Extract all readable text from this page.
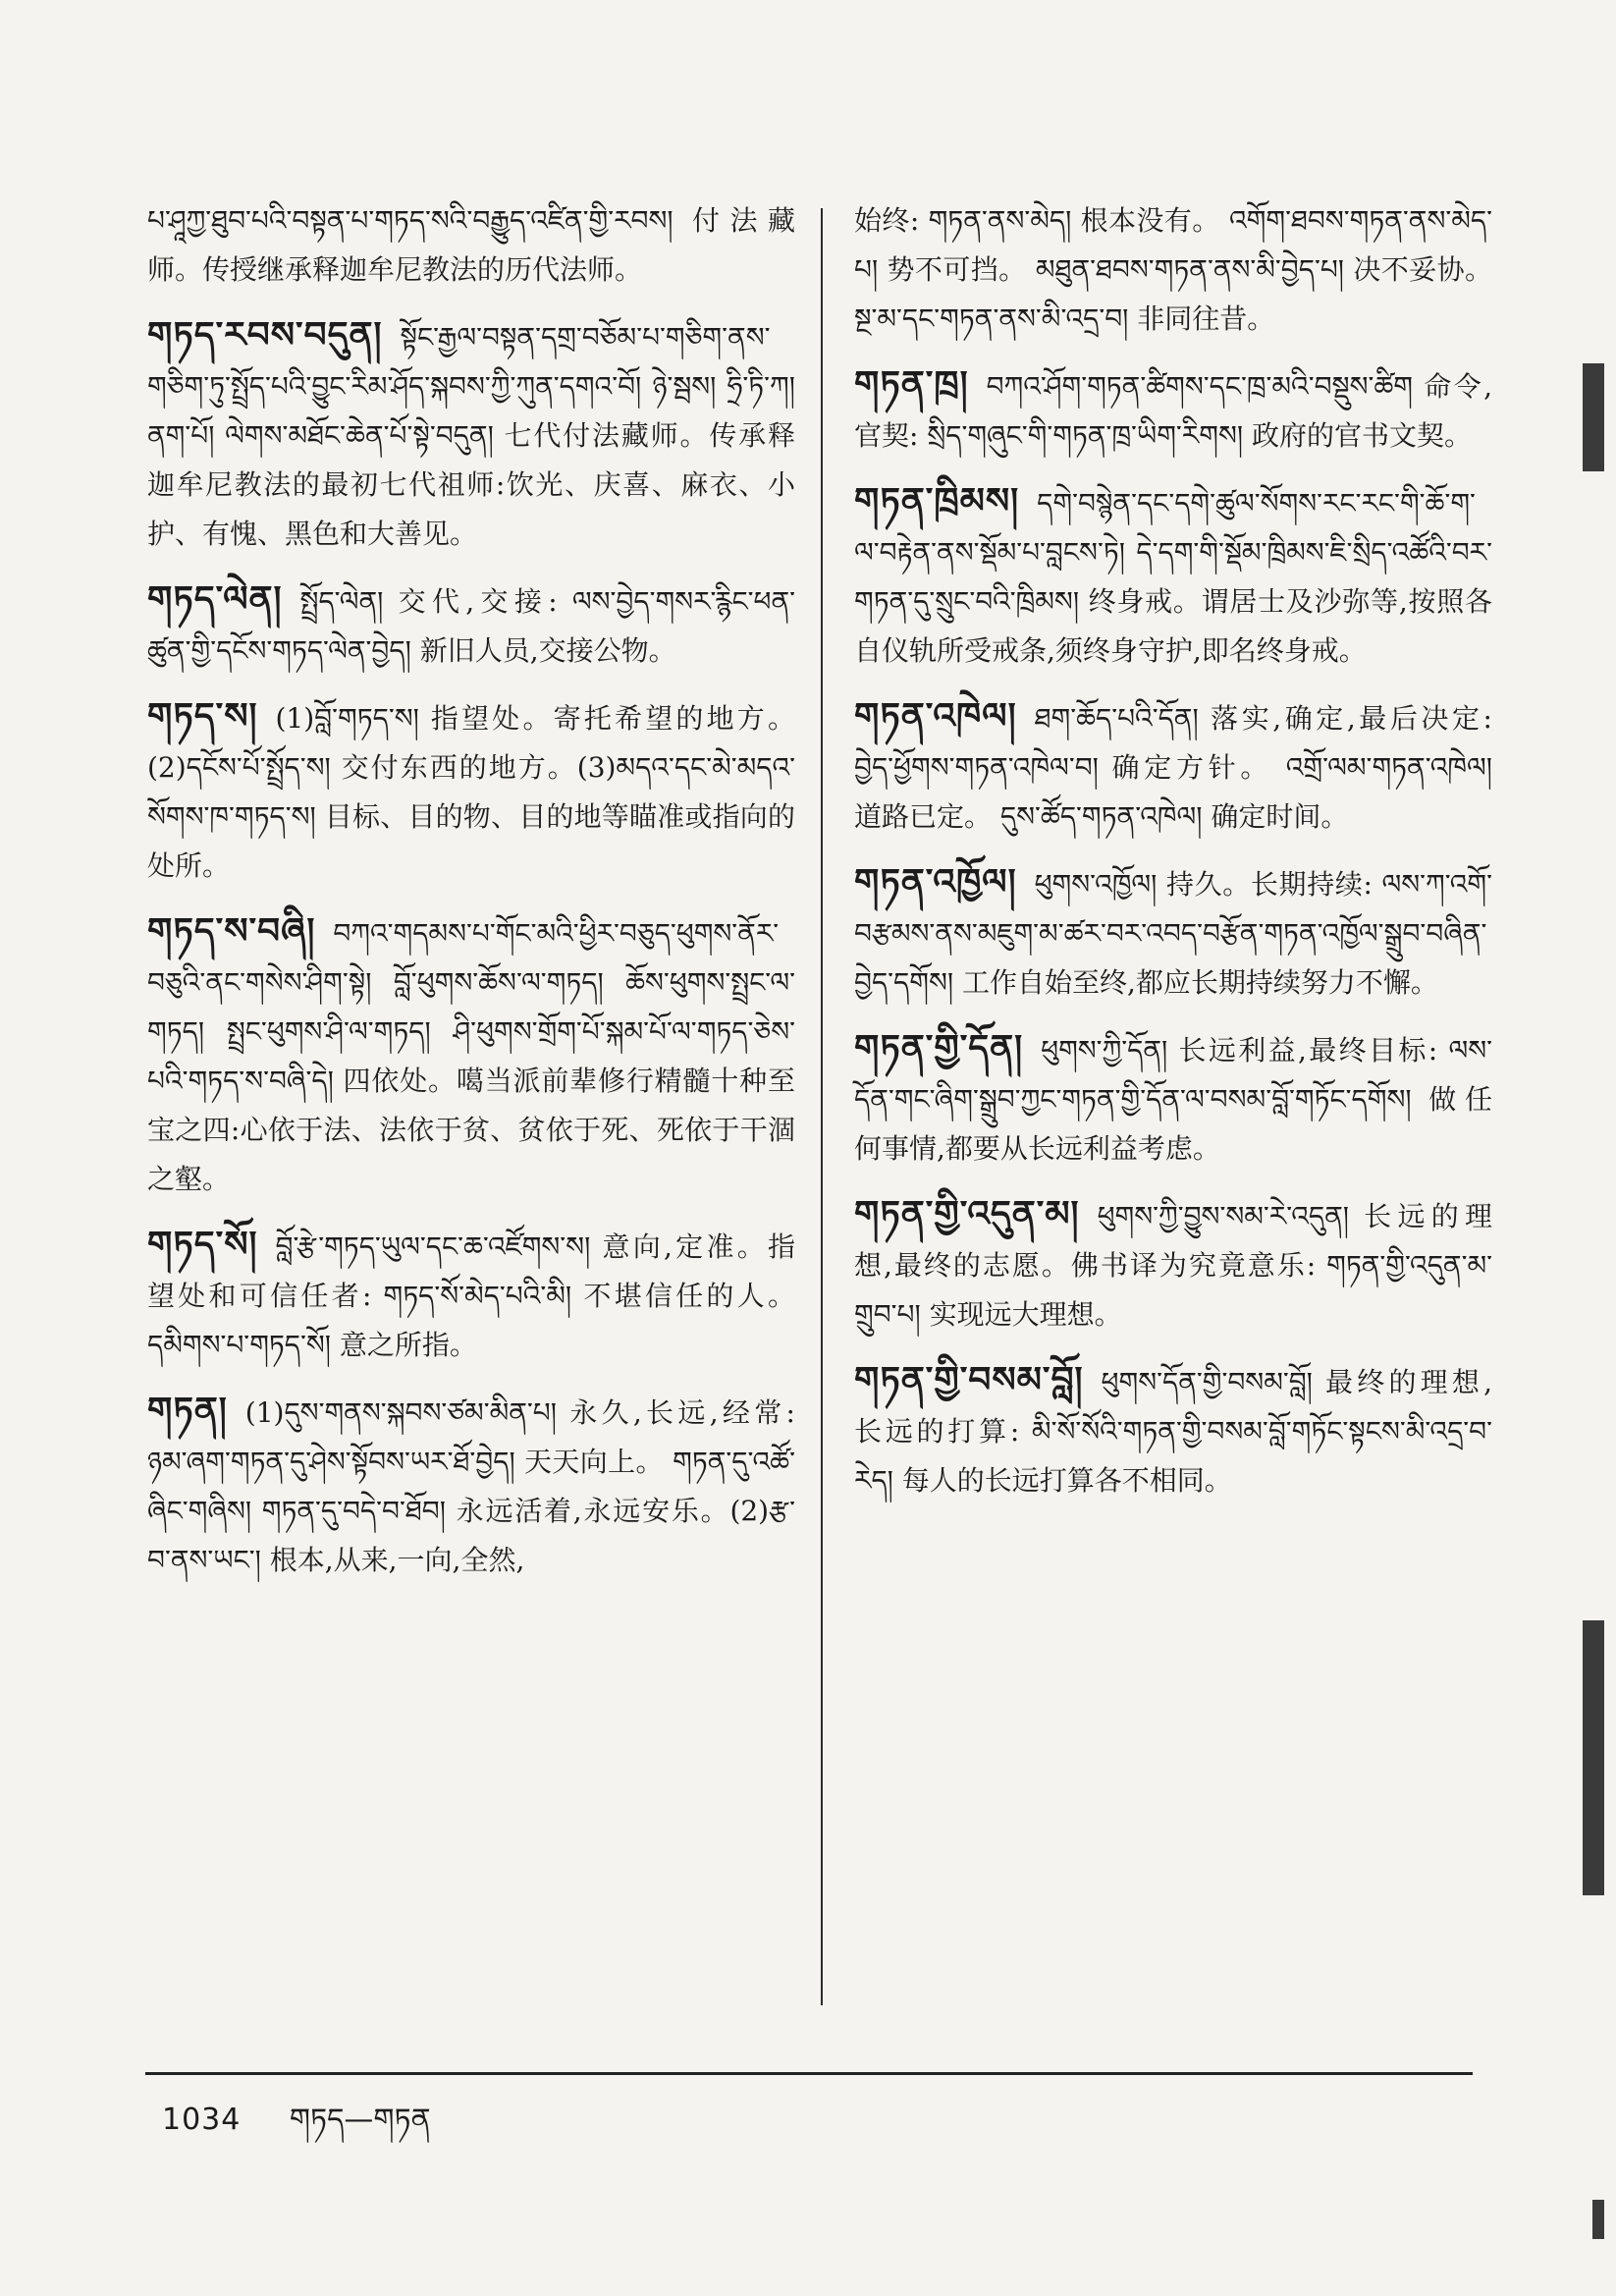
པ་ཤཱཀྱ་ཐུབ་པའི་བསྟན་པ་གཏད་སའི་བརྒྱུད་འཛིན་གྱི་རབས། 付法藏师。传授继承释迦牟尼教法的历代法师。
གཏད་རབས་བདུན། སྟོང་རྒྱལ་བསྟན་དགྲ་བཅོམ་པ་གཅིག་ནས་གཅིག་ཏུ་སྤྲོད་པའི་བྱུང་རིམ་ཤོད་སྐབས་ཀྱི་ཀུན་དགའ་བོ། ཉེ་སྦས། ཧྲི་ཏི་ཀ། ནག་པོ། ལེགས་མཐོང་ཆེན་པོ་སྟེ་བདུན། 七代付法藏师。传承释迦牟尼教法的最初七代祖师:饮光、庆喜、麻衣、小护、有愧、黑色和大善见。
གཏད་ལེན། སྤྲོད་ལེན། 交代,交接: ལས་བྱེད་གསར་རྙིང་ཕན་ཚུན་གྱི་དངོས་གཏད་ལེན་བྱེད། 新旧人员,交接公物。
གཏད་ས། (1)བློ་གཏད་ས། 指望处。寄托希望的地方。(2)དངོས་པོ་སྤྲོད་ས། 交付东西的地方。(3)མདའ་དང་མེ་མདའ་སོགས་ཁ་གཏད་ས། 目标、目的物、目的地等瞄准或指向的处所。
གཏད་ས་བཞི། བཀའ་གདམས་པ་གོང་མའི་ཕྱིར་བཅུད་ཕུགས་ནོར་བཅུའི་ནང་གསེས་ཤིག་སྟེ། བློ་ཕུགས་ཆོས་ལ་གཏད། ཆོས་ཕུགས་སྤྲང་ལ་གཏད། སྤྲང་ཕུགས་ཤི་ལ་གཏད། ཤི་ཕུགས་གྲོག་པོ་སྐམ་པོ་ལ་གཏད་ཅེས་པའི་གཏད་ས་བཞི་དེ། 四依处。噶当派前辈修行精髓十种至宝之四:心依于法、法依于贫、贫依于死、死依于干涸之壑。
གཏད་སོ། བློ་རྩེ་གཏད་ཡུལ་དང་ཆ་འཛོགས་ས། 意向,定准。指望处和可信任者: གཏད་སོ་མེད་པའི་མི། 不堪信任的人。 དམིགས་པ་གཏད་སོ། 意之所指。
གཏན། (1)དུས་གནས་སྐབས་ཙམ་མིན་པ། 永久,长远,经常: ཉམ་ཞག་གཏན་དུ་ཤེས་སྟོབས་ཡར་ཐོ་བྱེད། 天天向上。 གཏན་དུ་འཚོ་ཞིང་གཞིས། གཏན་དུ་བདེ་བ་ཐོབ། 永远活着,永远安乐。(2)རྩ་བ་ནས་ཡང་། 根本,从来,一向,全然,
始终: གཏན་ནས་མེད། 根本没有。 འགོག་ཐབས་གཏན་ནས་མེད་པ། 势不可挡。 མཐུན་ཐབས་གཏན་ནས་མི་བྱེད་པ། 决不妥协。 སྔ་མ་དང་གཏན་ནས་མི་འདྲ་བ། 非同往昔。
གཏན་ཁྲ། བཀའ་ཤོག་གཏན་ཚིགས་དང་ཁྲ་མའི་བསྡུས་ཚིག 命令,官契: སྲིད་གཞུང་གི་གཏན་ཁྲ་ཡིག་རིགས། 政府的官书文契。
གཏན་ཁྲིམས། དགེ་བསྙེན་དང་དགེ་ཚུལ་སོགས་རང་རང་གི་ཆོ་ག་ལ་བརྟེན་ནས་སྡོམ་པ་བླངས་ཏེ། དེ་དག་གི་སྡོམ་ཁྲིམས་ཇི་སྲིད་འཚོའི་བར་གཏན་དུ་སྲུང་བའི་ཁྲིམས། 终身戒。谓居士及沙弥等,按照各自仪轨所受戒条,须终身守护,即名终身戒。
གཏན་འཁེལ། ཐག་ཆོད་པའི་དོན། 落实,确定,最后决定: བྱེད་ཕྱོགས་གཏན་འཁེལ་བ། 确定方针。 འགྲོ་ལམ་གཏན་འཁེལ། 道路已定。 དུས་ཚོད་གཏན་འཁེལ། 确定时间。
གཏན་འཁྱོལ། ཕུགས་འཁྱོལ། 持久。长期持续: ལས་ཀ་འགོ་བརྩམས་ནས་མཇུག་མ་ཚར་བར་འབད་བརྩོན་གཏན་འཁྱོལ་སྒྲུབ་བཞིན་བྱེད་དགོས། 工作自始至终,都应长期持续努力不懈。
གཏན་གྱི་དོན། ཕུགས་ཀྱི་དོན། 长远利益,最终目标: ལས་དོན་གང་ཞིག་སྒྲུབ་ཀྱང་གཏན་གྱི་དོན་ལ་བསམ་བློ་གཏོང་དགོས། 做任何事情,都要从长远利益考虑。
གཏན་གྱི་འདུན་མ། ཕུགས་ཀྱི་བྱུས་སམ་རེ་འདུན། 长远的理想,最终的志愿。佛书译为究竟意乐: གཏན་གྱི་འདུན་མ་གྲུབ་པ། 实现远大理想。
གཏན་གྱི་བསམ་བློ། ཕུགས་དོན་གྱི་བསམ་བློ། 最终的理想,长远的打算: མི་སོ་སོའི་གཏན་གྱི་བསམ་བློ་གཏོང་སྟངས་མི་འདྲ་བ་རེད། 每人的长远打算各不相同。
1034 གཏད—གཏན
